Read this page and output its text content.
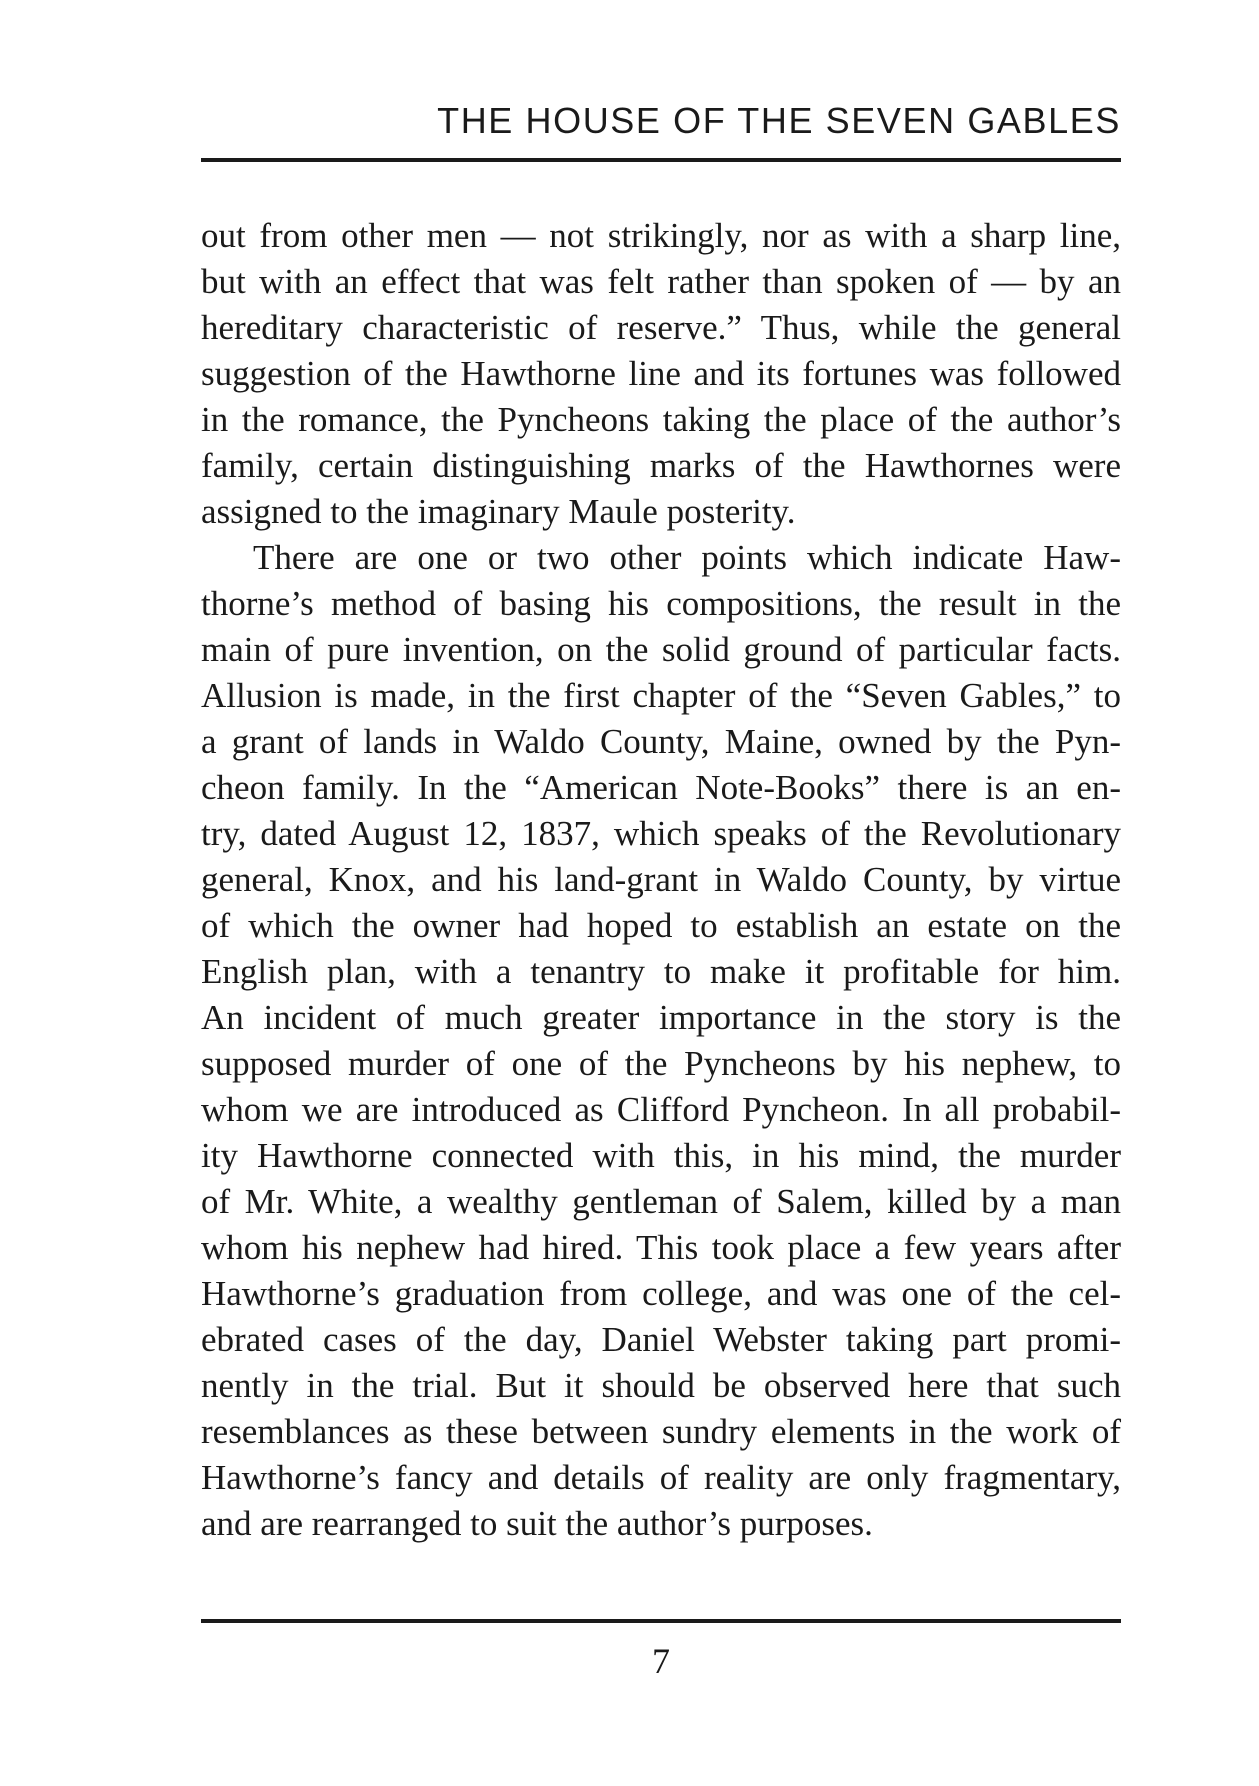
THE HOUSE OF THE SEVEN GABLES
out from other men — not strikingly, nor as with a sharp line,
but with an effect that was felt rather than spoken of — by an
hereditary characteristic of reserve.” Thus, while the general
suggestion of the Hawthorne line and its fortunes was followed
in the romance, the Pyncheons taking the place of the author’s
family, certain distinguishing marks of the Hawthornes were
assigned to the imaginary Maule posterity.
There are one or two other points which indicate Haw-
thorne’s method of basing his compositions, the result in the
main of pure invention, on the solid ground of particular facts.
Allusion is made, in the first chapter of the “Seven Gables,” to
a grant of lands in Waldo County, Maine, owned by the Pyn-
cheon family. In the “American Note-Books” there is an en-
try, dated August 12, 1837, which speaks of the Revolutionary
general, Knox, and his land-grant in Waldo County, by virtue
of which the owner had hoped to establish an estate on the
English plan, with a tenantry to make it profitable for him.
An incident of much greater importance in the story is the
supposed murder of one of the Pyncheons by his nephew, to
whom we are introduced as Clifford Pyncheon. In all probabil-
ity Hawthorne connected with this, in his mind, the murder
of Mr. White, a wealthy gentleman of Salem, killed by a man
whom his nephew had hired. This took place a few years after
Hawthorne’s graduation from college, and was one of the cel-
ebrated cases of the day, Daniel Webster taking part promi-
nently in the trial. But it should be observed here that such
resemblances as these between sundry elements in the work of
Hawthorne’s fancy and details of reality are only fragmentary,
and are rearranged to suit the author’s purposes.
7
